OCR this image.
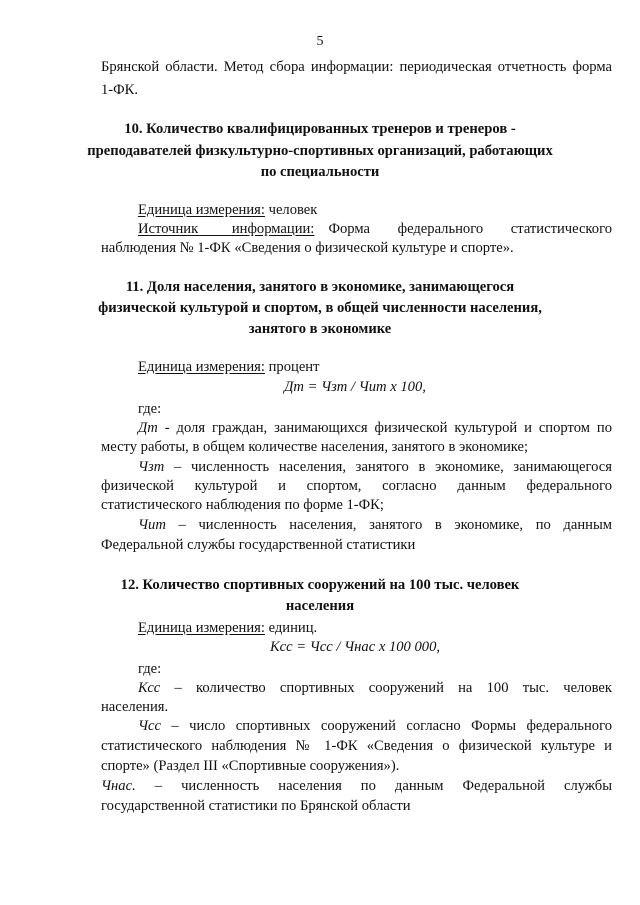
5
Брянской области. Метод сбора информации: периодическая отчетность форма
1-ФК.
10. Количество квалифицированных тренеров и тренеров -
преподавателей физкультурно-спортивных организаций, работающих
по специальности
Единица измерения: человек
Источник информации: Форма федерального статистического
наблюдения № 1-ФК «Сведения о физической культуре и спорте».
11. Доля населения, занятого в экономике, занимающегося
физической культурой и спортом, в общей численности населения,
занятого в экономике
Единица измерения: процент
Дт = Чзт / Чит х 100,
где:
Дт - доля граждан, занимающихся физической культурой и спортом по
месту работы, в общем количестве населения, занятого в экономике;
Чзт – численность населения, занятого в экономике, занимающегося
физической культурой и спортом, согласно данным федерального
статистического наблюдения по форме 1-ФК;
Чит – численность населения, занятого в экономике, по данным
Федеральной службы государственной статистики
12. Количество спортивных сооружений на 100 тыс. человек
населения
Единица измерения: единиц.
Кcс = Чсс / Чнас х 100 000,
где:
Ксс – количество спортивных сооружений на 100 тыс. человек
населения.
Чсс – число спортивных сооружений согласно Формы федерального
статистического наблюдения № 1-ФК «Сведения о физической культуре и
спорте» (Раздел III «Спортивные сооружения»).
Чнас. – численность населения по данным Федеральной службы
государственной статистики по Брянской области
